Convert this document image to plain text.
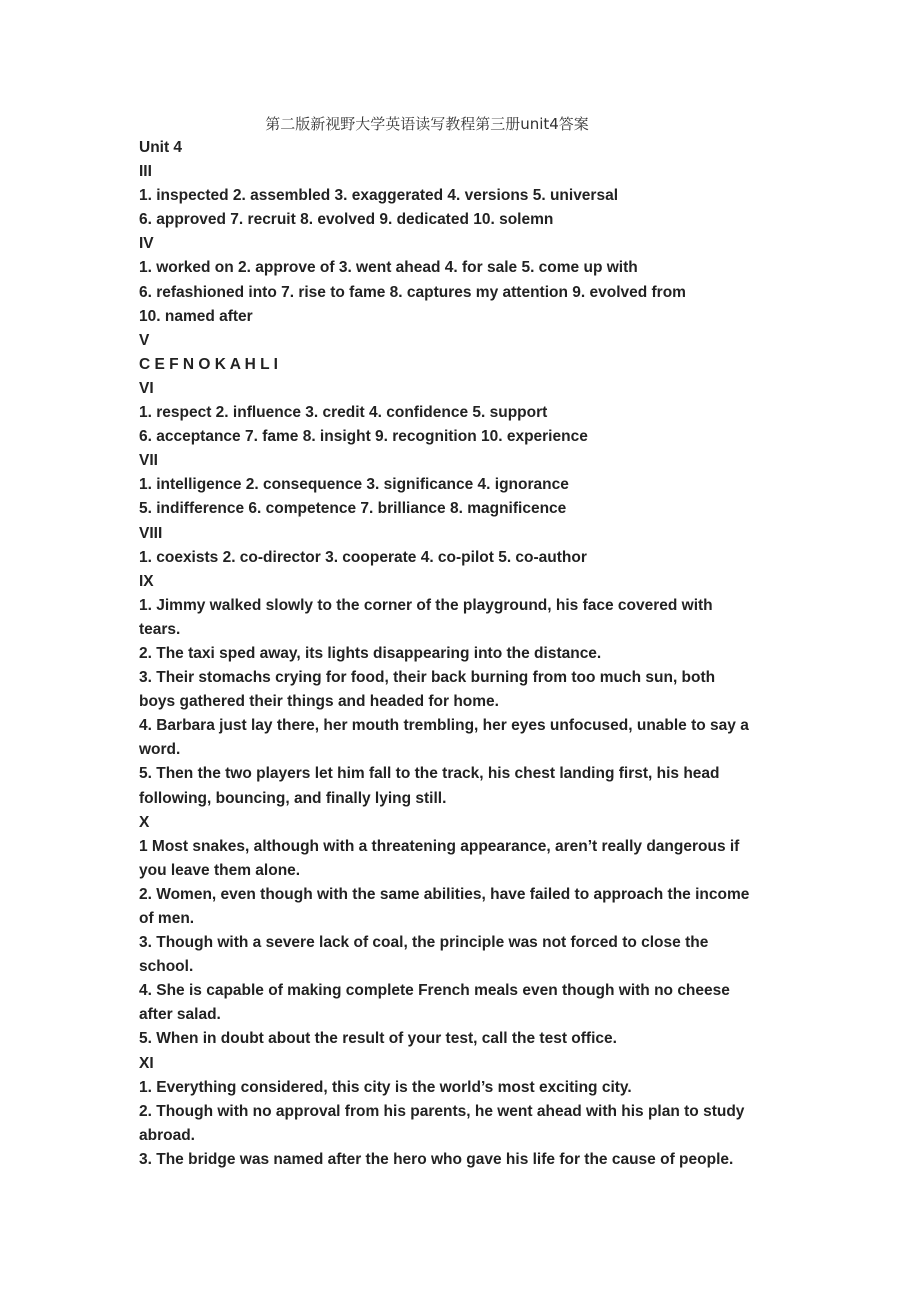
第二版新视野大学英语读写教程第三册unit4答案

Unit 4

III

1. inspected 2. assembled 3. exaggerated 4. versions 5. universal

6. approved 7. recruit 8. evolved 9. dedicated 10. solemn

IV

1. worked on 2. approve of 3. went ahead 4. for sale 5. come up with

6. refashioned into 7. rise to fame 8. captures my attention 9. evolved from

10. named after

V

C E F N O K A H L I

VI

1. respect 2. influence 3. credit 4. confidence 5. support

6. acceptance 7. fame 8. insight 9. recognition 10. experience

VII

1. intelligence 2. consequence 3. significance 4. ignorance

5. indifference 6. competence 7. brilliance 8. magnificence

VIII

1. coexists 2. co-director 3. cooperate 4. co-pilot 5. co-author

IX

1. Jimmy walked slowly to the corner of the playground, his face covered with

tears.

2. The taxi sped away, its lights disappearing into the distance.

3. Their stomachs crying for food, their back burning from too much sun, both

boys gathered their things and headed for home.

4. Barbara just lay there, her mouth trembling, her eyes unfocused, unable to say a

word.

5. Then the two players let him fall to the track, his chest landing first, his head

following, bouncing, and finally lying still.

X

1 Most snakes, although with a threatening appearance, aren’t really dangerous if

you leave them alone.

2. Women, even though with the same abilities, have failed to approach the income

of men.

3. Though with a severe lack of coal, the principle was not forced to close the

school.

4. She is capable of making complete French meals even though with no cheese

after salad.

5. When in doubt about the result of your test, call the test office.

XI

1. Everything considered, this city is the world’s most exciting city.

2. Though with no approval from his parents, he went ahead with his plan to study

abroad.

3. The bridge was named after the hero who gave his life for the cause of people.
